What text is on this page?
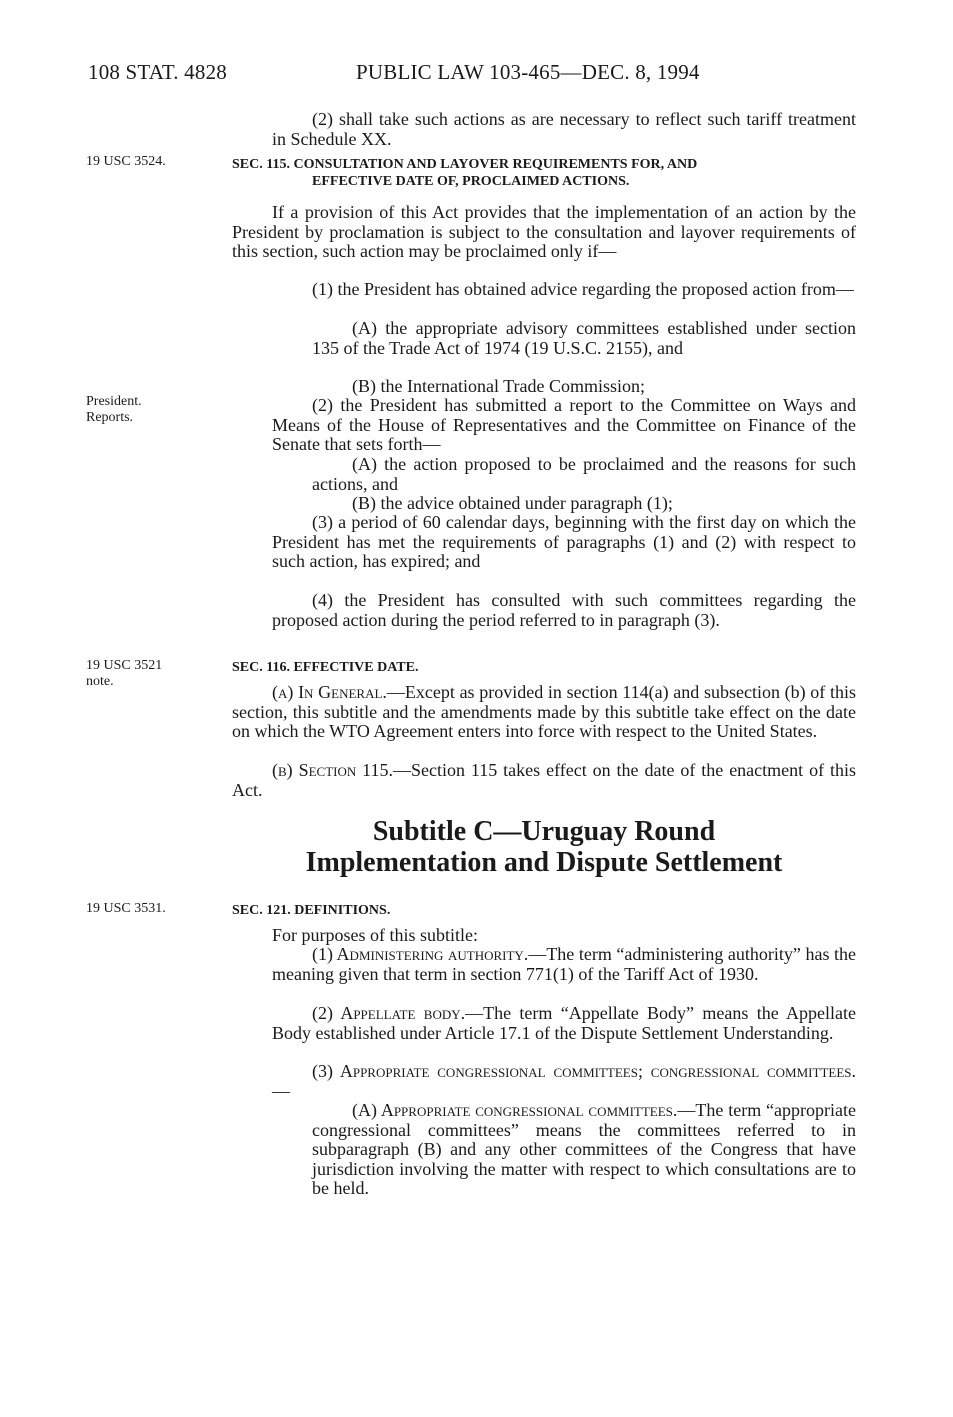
108 STAT. 4828	PUBLIC LAW 103-465—DEC. 8, 1994
19 USC 3524.
President.
Reports.
19 USC 3521
note.
19 USC 3531.
(2) shall take such actions as are necessary to reflect such tariff treatment in Schedule XX.
SEC. 115. CONSULTATION AND LAYOVER REQUIREMENTS FOR, AND
EFFECTIVE DATE OF, PROCLAIMED ACTIONS.
If a provision of this Act provides that the implementation of an action by the President by proclamation is subject to the consultation and layover requirements of this section, such action may be proclaimed only if—
(1) the President has obtained advice regarding the proposed action from—
(A) the appropriate advisory committees established under section 135 of the Trade Act of 1974 (19 U.S.C. 2155), and
(B) the International Trade Commission;
(2) the President has submitted a report to the Committee on Ways and Means of the House of Representatives and the Committee on Finance of the Senate that sets forth—
(A) the action proposed to be proclaimed and the reasons for such actions, and
(B) the advice obtained under paragraph (1);
(3) a period of 60 calendar days, beginning with the first day on which the President has met the requirements of paragraphs (1) and (2) with respect to such action, has expired; and
(4) the President has consulted with such committees regarding the proposed action during the period referred to in paragraph (3).
SEC. 116. EFFECTIVE DATE.
(a) In General.—Except as provided in section 114(a) and subsection (b) of this section, this subtitle and the amendments made by this subtitle take effect on the date on which the WTO Agreement enters into force with respect to the United States.
(b) Section 115.—Section 115 takes effect on the date of the enactment of this Act.
Subtitle C—Uruguay Round
Implementation and Dispute Settlement
SEC. 121. DEFINITIONS.
For purposes of this subtitle:
(1) Administering authority.—The term “administering authority” has the meaning given that term in section 771(1) of the Tariff Act of 1930.
(2) Appellate body.—The term “Appellate Body” means the Appellate Body established under Article 17.1 of the Dispute Settlement Understanding.
(3) Appropriate congressional committees; congressional committees.—
(A) Appropriate congressional committees.—The term “appropriate congressional committees” means the committees referred to in subparagraph (B) and any other committees of the Congress that have jurisdiction involving the matter with respect to which consultations are to be held.
